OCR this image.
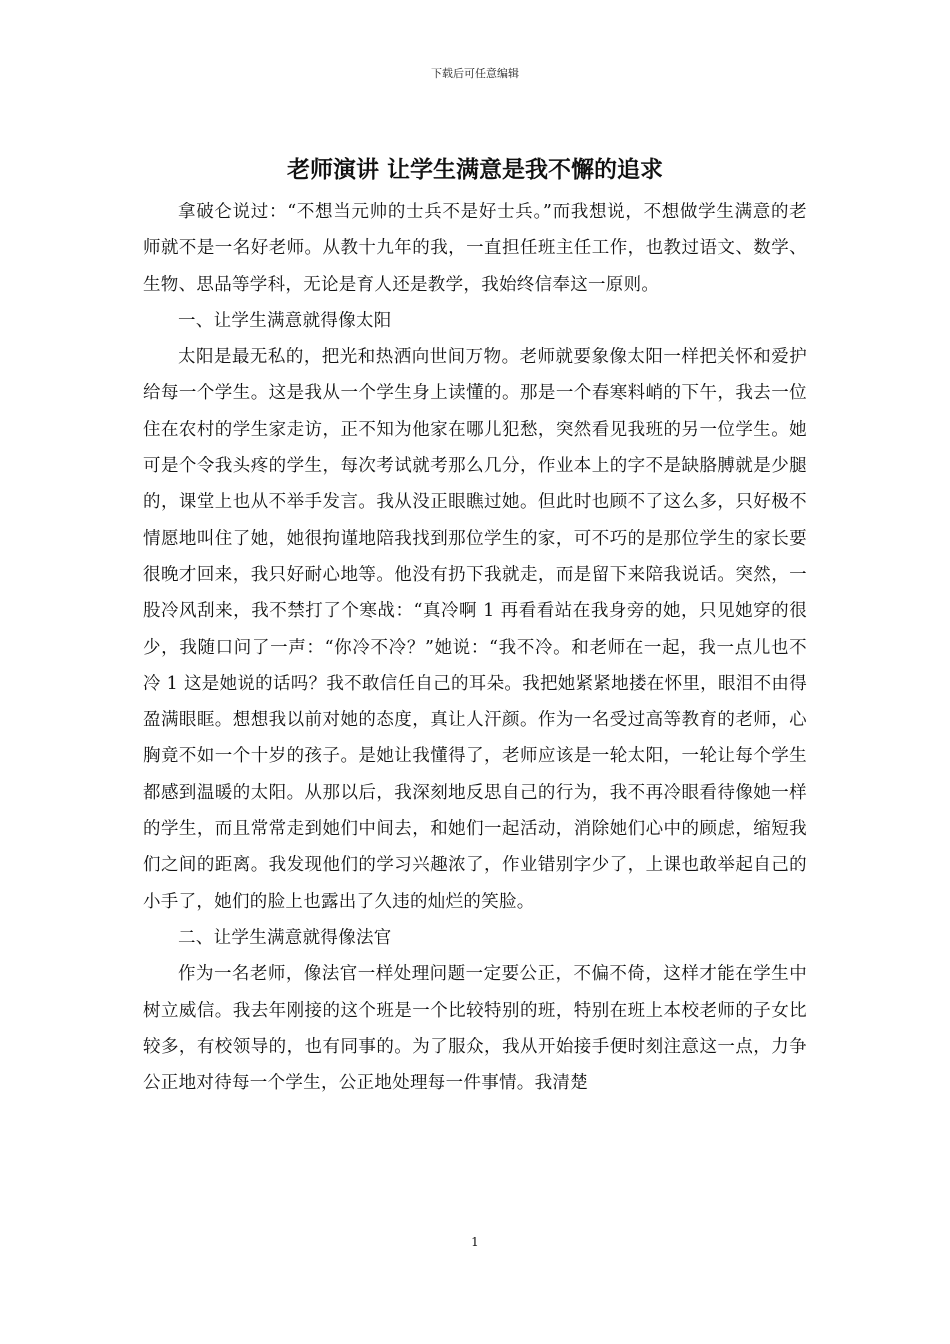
下载后可任意编辑
老师演讲 让学生满意是我不懈的追求

拿破仑说过：“不想当元帅的士兵不是好士兵。”而我想说，不想做学生满意的老师就不是一名好老师。从教十九年的我，一直担任班主任工作，也教过语文、数学、生物、思品等学科，无论是育人还是教学，我始终信奉这一原则。

一、让学生满意就得像太阳

太阳是最无私的，把光和热洒向世间万物。老师就要象像太阳一样把关怀和爱护给每一个学生。这是我从一个学生身上读懂的。那是一个春寒料峭的下午，我去一位住在农村的学生家走访，正不知为他家在哪儿犯愁，突然看见我班的另一位学生。她可是个令我头疼的学生，每次考试就考那么几分，作业本上的字不是缺胳膊就是少腿的，课堂上也从不举手发言。我从没正眼瞧过她。但此时也顾不了这么多，只好极不情愿地叫住了她，她很拘谨地陪我找到那位学生的家，可不巧的是那位学生的家长要很晚才回来，我只好耐心地等。他没有扔下我就走，而是留下来陪我说话。突然，一股冷风刮来，我不禁打了个寒战：“真冷啊 1 再看看站在我身旁的她，只见她穿的很少，我随口问了一声：“你冷不冷？”她说：“我不冷。和老师在一起，我一点儿也不冷 1 这是她说的话吗？我不敢信任自己的耳朵。我把她紧紧地搂在怀里，眼泪不由得盈满眼眶。想想我以前对她的态度，真让人汗颜。作为一名受过高等教育的老师，心胸竟不如一个十岁的孩子。是她让我懂得了，老师应该是一轮太阳，一轮让每个学生都感到温暖的太阳。从那以后，我深刻地反思自己的行为，我不再冷眼看待像她一样的学生，而且常常走到她们中间去，和她们一起活动，消除她们心中的顾虑，缩短我们之间的距离。我发现他们的学习兴趣浓了，作业错别字少了，上课也敢举起自己的小手了，她们的脸上也露出了久违的灿烂的笑脸。

二、让学生满意就得像法官

作为一名老师，像法官一样处理问题一定要公正，不偏不倚，这样才能在学生中树立威信。我去年刚接的这个班是一个比较特别的班，特别在班上本校老师的子女比较多，有校领导的，也有同事的。为了服众，我从开始接手便时刻注意这一点，力争公正地对待每一个学生，公正地处理每一件事情。我清楚

1
